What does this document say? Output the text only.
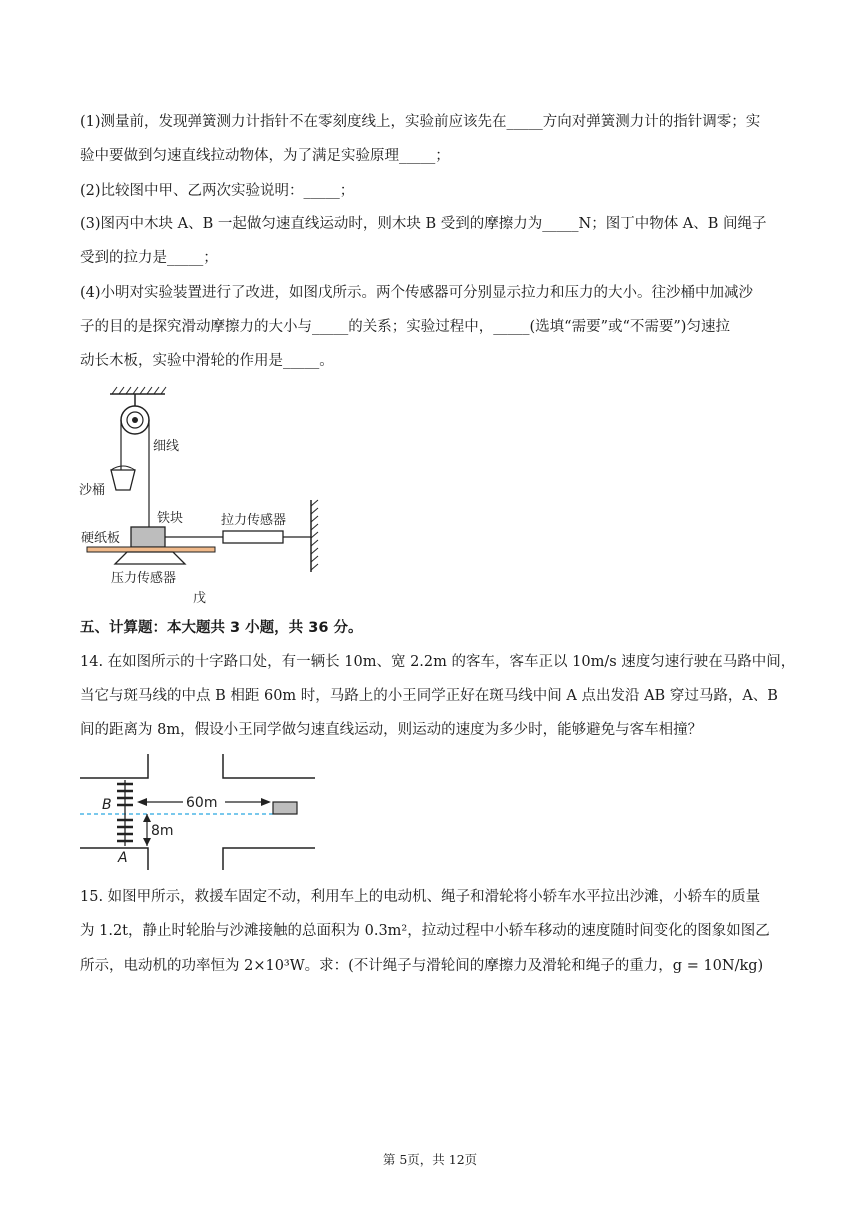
(1)测量前，发现弹簧测力计指针不在零刻度线上，实验前应该先在_____方向对弹簧测力计的指针调零；实
验中要做到匀速直线拉动物体，为了满足实验原理_____；
(2)比较图中甲、乙两次实验说明：_____；
(3)图丙中木块 A、B 一起做匀速直线运动时，则木块 B 受到的摩擦力为_____N；图丁中物体 A、B 间绳子
受到的拉力是_____；
(4)小明对实验装置进行了改进，如图戊所示。两个传感器可分别显示拉力和压力的大小。往沙桶中加减沙
子的目的是探究滑动摩擦力的大小与_____的关系；实验过程中，_____(选填“需要”或“不需要”)匀速拉
动长木板，实验中滑轮的作用是_____。
细线
沙桶
铁块	拉力传感器
硬纸板
压力传感器
戊
五、计算题：本大题共 3 小题，共 36 分。
14. 在如图所示的十字路口处，有一辆长 10m、宽 2.2m 的客车，客车正以 10m/s 速度匀速行驶在马路中间，
当它与斑马线的中点 B 相距 60m 时，马路上的小王同学正好在斑马线中间 A 点出发沿 AB 穿过马路，A、B
间的距离为 8m，假设小王同学做匀速直线运动，则运动的速度为多少时，能够避免与客车相撞？
B
A
60m
8m
15. 如图甲所示，救援车固定不动，利用车上的电动机、绳子和滑轮将小轿车水平拉出沙滩，小轿车的质量
为 1.2t，静止时轮胎与沙滩接触的总面积为 0.3m²，拉动过程中小轿车移动的速度随时间变化的图象如图乙
所示，电动机的功率恒为 2×10³W。求：(不计绳子与滑轮间的摩擦力及滑轮和绳子的重力，g = 10N/kg)
第 5页，共 12页
